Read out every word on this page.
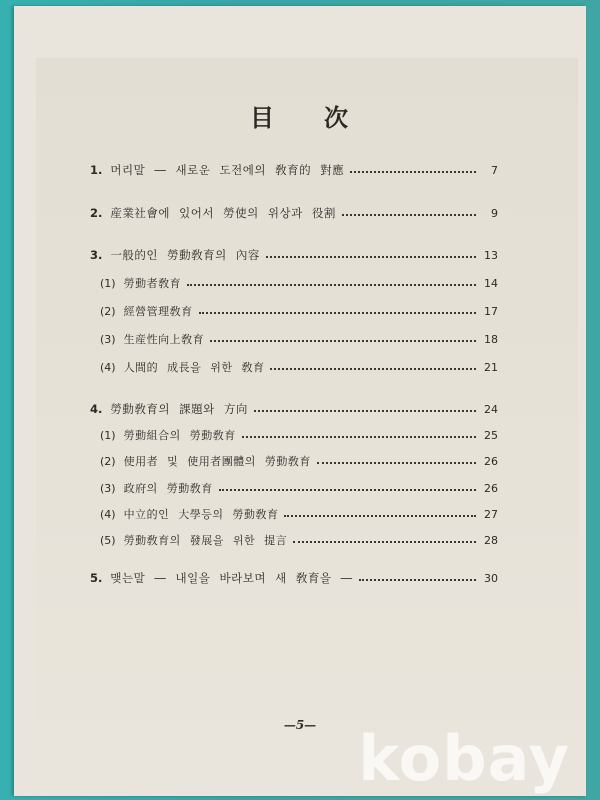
目 次
1. 머리말 ― 새로운 도전에의 敎育的 對應	7
2. 産業社會에 있어서 勞使의 위상과 役割	9
3. 一般的인 勞動敎育의 內容	13
(1) 勞動者敎育	14
(2) 經營管理敎育	17
(3) 生産性向上敎育	18
(4) 人間的 成長을 위한 敎育	21
4. 勞動敎育의 課題와 方向	24
(1) 勞動組合의 勞動敎育	25
(2) 使用者 및 使用者團體의 勞動敎育	26
(3) 政府의 勞動敎育	26
(4) 中立的인 大學등의 勞動敎育	27
(5) 勞動敎育의 發展을 위한 提言	28
5. 맺는말 ― 내일을 바라보며 새 敎育을 ―	30
—5— kobay
